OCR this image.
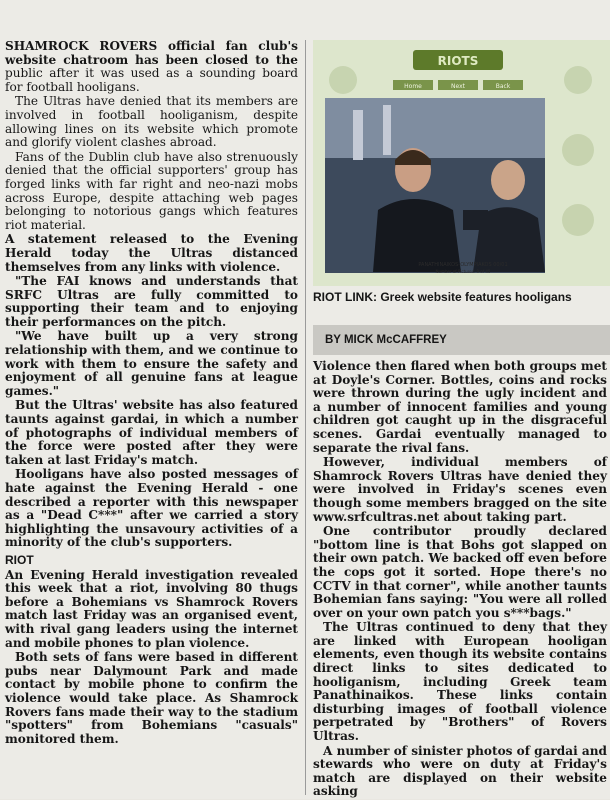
SHAMROCK ROVERS official fan club's website chatroom has been closed to the public after it was used as a sounding board for football hooligans.

The Ultras have denied that its members are involved in football hooliganism, despite allowing lines on its website which promote and glorify violent clashes abroad.

Fans of the Dublin club have also strenuously denied that the official supporters' group has forged links with far right and neo-nazi mobs across Europe, despite attaching web pages belonging to notorious gangs which features riot material.

A statement released to the Evening Herald today the Ultras distanced themselves from any links with violence.

"The FAI knows and understands that SRFC Ultras are fully committed to supporting their team and to enjoying their performances on the pitch.

"We have built up a very strong relationship with them, and we continue to work with them to ensure the safety and enjoyment of all genuine fans at league games."

But the Ultras' website has also featured taunts against gardai, in which a number of photographs of individual members of the force were posted after they were taken at last Friday's match.

Hooligans have also posted messages of hate against the Evening Herald - one described a reporter with this newspaper as a "Dead C***" after we carried a story highlighting the unsavoury activities of a minority of the club's supporters.

RIOT

An Evening Herald investigation revealed this week that a riot, involving 80 thugs before a Bohemians vs Shamrock Rovers match last Friday was an organised event, with rival gang leaders using the internet and mobile phones to plan violence.

Both sets of fans were based in different pubs near Dalymount Park and made contact by mobile phone to confirm the violence would take place. As Shamrock Rovers fans made their way to the stadium "spotters" from Bohemians "casuals" monitored them.

RIOTS
Home	Next	Back
PANATHINAIKOS-OLYMPIAKOS 00/01
Number of Pictures: 9 of 45
RIOT LINK: Greek website features hooligans
BY MICK McCAFFREY

Violence then flared when both groups met at Doyle's Corner. Bottles, coins and rocks were thrown during the ugly incident and a number of innocent families and young children got caught up in the disgraceful scenes. Gardai eventually managed to separate the rival fans.

However, individual members of Shamrock Rovers Ultras have denied they were involved in Friday's scenes even though some members bragged on the site www.srfcultras.net about taking part.

One contributor proudly declared "bottom line is that Bohs got slapped on their own patch. We backed off even before the cops got it sorted. Hope there's no CCTV in that corner", while another taunts Bohemian fans saying: "You were all rolled over on your own patch you s***bags."

The Ultras continued to deny that they are linked with European hooligan elements, even though its website contains direct links to sites dedicated to hooliganism, including Greek team Panathinaikos. These links contain disturbing images of football violence perpetrated by "Brothers" of Rovers Ultras.

A number of sinister photos of gardai and stewards who were on duty at Friday's match are displayed on their website asking
